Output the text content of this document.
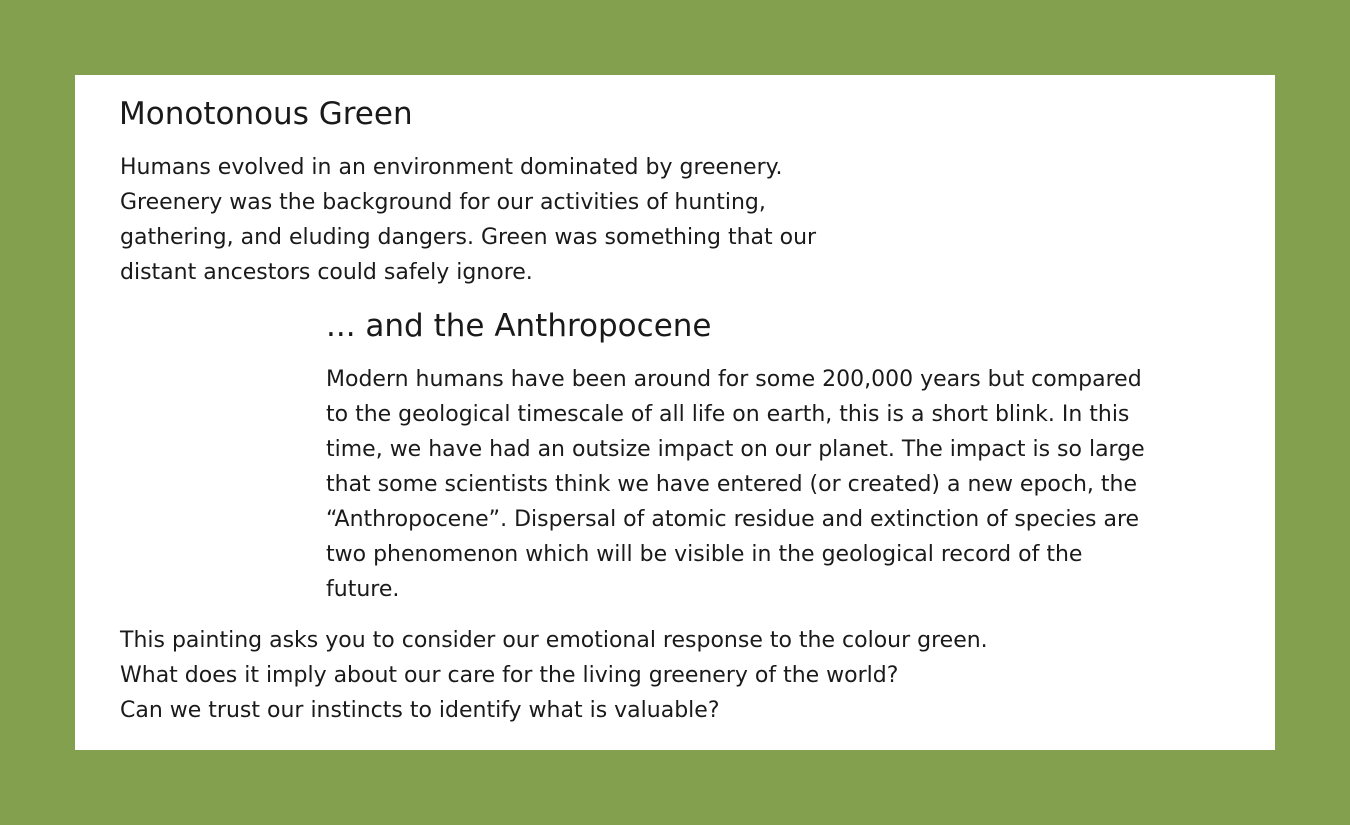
Monotonous Green

Humans evolved in an environment dominated by greenery.
Greenery was the background for our activities of hunting,
gathering, and eluding dangers. Green was something that our
distant ancestors could safely ignore.

... and the Anthropocene

Modern humans have been around for some 200,000 years but compared
to the geological timescale of all life on earth, this is a short blink. In this
time, we have had an outsize impact on our planet. The impact is so large
that some scientists think we have entered (or created) a new epoch, the
“Anthropocene”. Dispersal of atomic residue and extinction of species are
two phenomenon which will be visible in the geological record of the
future.

This painting asks you to consider our emotional response to the colour green.
What does it imply about our care for the living greenery of the world?
Can we trust our instincts to identify what is valuable?
